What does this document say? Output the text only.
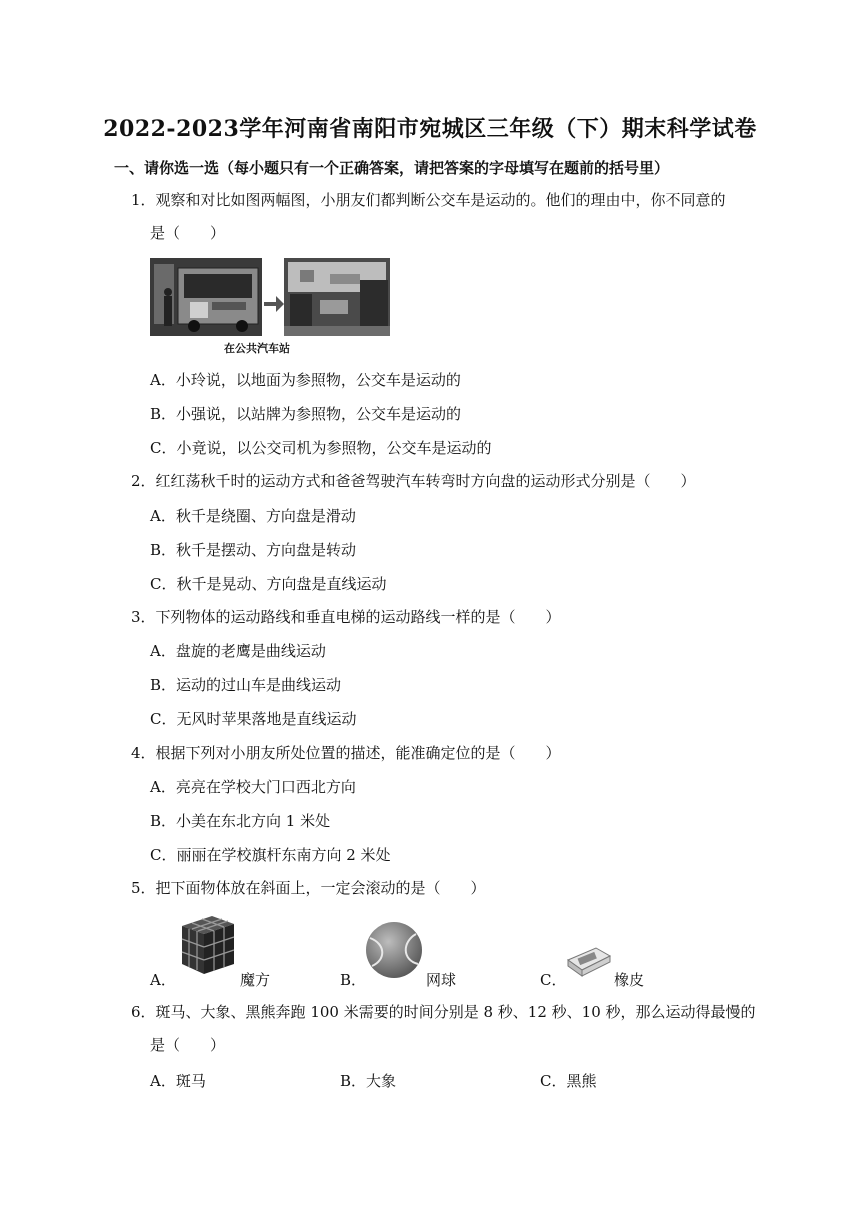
2022-2023学年河南省南阳市宛城区三年级（下）期末科学试卷
一、请你选一选（每小题只有一个正确答案，请把答案的字母填写在题前的括号里）
1．观察和对比如图两幅图，小朋友们都判断公交车是运动的。他们的理由中，你不同意的
是（　　）
在公共汽车站
A．小玲说，以地面为参照物，公交车是运动的
B．小强说，以站牌为参照物，公交车是运动的
C．小竟说，以公交司机为参照物，公交车是运动的
2．红红荡秋千时的运动方式和爸爸驾驶汽车转弯时方向盘的运动形式分别是（　　）
A．秋千是绕圈、方向盘是滑动
B．秋千是摆动、方向盘是转动
C．秋千是晃动、方向盘是直线运动
3．下列物体的运动路线和垂直电梯的运动路线一样的是（　　）
A．盘旋的老鹰是曲线运动
B．运动的过山车是曲线运动
C．无风时苹果落地是直线运动
4．根据下列对小朋友所处位置的描述，能准确定位的是（　　）
A．亮亮在学校大门口西北方向
B．小美在东北方向 1 米处
C．丽丽在学校旗杆东南方向 2 米处
5．把下面物体放在斜面上，一定会滚动的是（　　）
A．	魔方	B．	网球	C．	橡皮
6．斑马、大象、黑熊奔跑 100 米需要的时间分别是 8 秒、12 秒、10 秒，那么运动得最慢的
是（　　）
A．斑马	B．大象	C．黑熊
